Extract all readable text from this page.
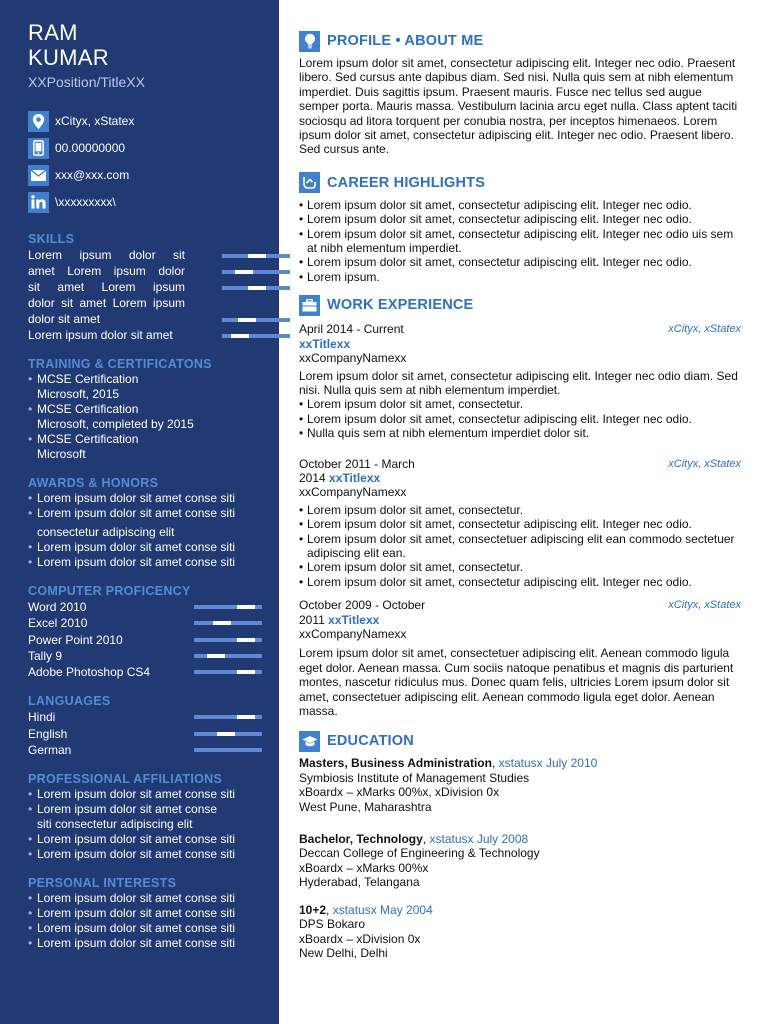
RAM
KUMAR
XXPosition/TitleXX
xCityx, xStatex
00.00000000
xxx@xxx.com
\xxxxxxxxx\
SKILLS
Lorem ipsum dolor sit
amet Lorem ipsum dolor
sit amet Lorem ipsum
dolor sit amet Lorem ipsum
dolor sit amet
Lorem ipsum dolor sit amet
TRAINING & CERTIFICATONS
• MCSE Certification
Microsoft, 2015
• MCSE Certification
Microsoft, completed by 2015
• MCSE Certification
Microsoft
AWARDS & HONORS
• Lorem ipsum dolor sit amet conse siti
• Lorem ipsum dolor sit amet conse siti
consectetur adipiscing elit
• Lorem ipsum dolor sit amet conse siti
• Lorem ipsum dolor sit amet conse siti
COMPUTER PROFICENCY
Word 2010
Excel 2010
Power Point 2010
Tally 9
Adobe Photoshop CS4
LANGUAGES
Hindi
English
German
PROFESSIONAL AFFILIATIONS
• Lorem ipsum dolor sit amet conse siti
• Lorem ipsum dolor sit amet conse
siti consectetur adipiscing elit
• Lorem ipsum dolor sit amet conse siti
• Lorem ipsum dolor sit amet conse siti
PERSONAL INTERESTS
• Lorem ipsum dolor sit amet conse siti
• Lorem ipsum dolor sit amet conse siti
• Lorem ipsum dolor sit amet conse siti
• Lorem ipsum dolor sit amet conse siti
PROFILE • ABOUT ME

Lorem ipsum dolor sit amet, consectetur adipiscing elit. Integer nec odio. Praesent libero. Sed cursus ante dapibus diam. Sed nisi. Nulla quis sem at nibh elementum imperdiet. Duis sagittis ipsum. Praesent mauris. Fusce nec tellus sed augue semper porta. Mauris massa. Vestibulum lacinia arcu eget nulla. Class aptent taciti sociosqu ad litora torquent per conubia nostra, per inceptos himenaeos. Lorem ipsum dolor sit amet, consectetur adipiscing elit. Integer nec odio. Praesent libero. Sed cursus ante.

CAREER HIGHLIGHTS
• Lorem ipsum dolor sit amet, consectetur adipiscing elit. Integer nec odio.
• Lorem ipsum dolor sit amet, consectetur adipiscing elit. Integer nec odio.
• Lorem ipsum dolor sit amet, consectetur adipiscing elit. Integer nec odio uis sem at nibh elementum imperdiet.
• Lorem ipsum dolor sit amet, consectetur adipiscing elit. Integer nec odio.
• Lorem ipsum.
WORK EXPERIENCE
April 2014 - Current	xCityx, xStatex
xxTitlexx
xxCompanyNamexx

Lorem ipsum dolor sit amet, consectetur adipiscing elit. Integer nec odio diam. Sed nisi. Nulla quis sem at nibh elementum imperdiet.

• Lorem ipsum dolor sit amet, consectetur.
• Lorem ipsum dolor sit amet, consectetur adipiscing elit. Integer nec odio.
• Nulla quis sem at nibh elementum imperdiet dolor sit.
October 2011 - March	xCityx, xStatex
2014 xxTitlexx
xxCompanyNamexx
• Lorem ipsum dolor sit amet, consectetur.
• Lorem ipsum dolor sit amet, consectetur adipiscing elit. Integer nec odio.
• Lorem ipsum dolor sit amet, consectetuer adipiscing elit ean commodo sectetuer adipiscing elit ean.
• Lorem ipsum dolor sit amet, consectetur.
• Lorem ipsum dolor sit amet, consectetur adipiscing elit. Integer nec odio.
October 2009 - October	xCityx, xStatex
2011 xxTitlexx
xxCompanyNamexx

Lorem ipsum dolor sit amet, consectetuer adipiscing elit. Aenean commodo ligula eget dolor. Aenean massa. Cum sociis natoque penatibus et magnis dis parturient montes, nascetur ridiculus mus. Donec quam felis, ultricies Lorem ipsum dolor sit amet, consectetuer adipiscing elit. Aenean commodo ligula eget dolor. Aenean massa.

EDUCATION
Masters, Business Administration, xstatusx July 2010
Symbiosis Institute of Management Studies
xBoardx – xMarks 00%x, xDivision 0x
West Pune, Maharashtra
Bachelor, Technology, xstatusx July 2008
Deccan College of Engineering & Technology
xBoardx – xMarks 00%x
Hyderabad, Telangana
10+2, xstatusx May 2004
DPS Bokaro
xBoardx – xDivision 0x
New Delhi, Delhi
